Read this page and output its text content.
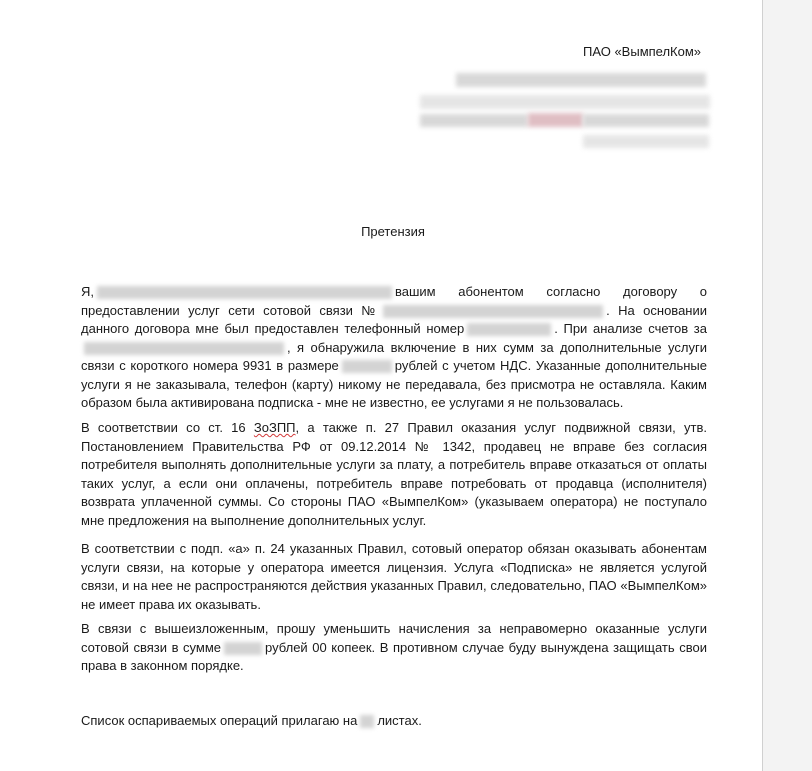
ПАО «ВымпелКом»
Претензия
Я,	вашим абонентом согласно договору о предоставлении услуг сети сотовой связи №	. На основании данного договора мне был предоставлен телефонный номер	. При анализе счетов за, я обнаружила включение в них сумм за дополнительные услуги связи с короткого номера 9931 в размере	рублей с учетом НДС. Указанные дополнительные услуги я не заказывала, телефон (карту) никому не передавала, без присмотра не оставляла. Каким образом была активирована подписка - мне не известно, ее услугами я не пользовалась.
В соответствии со ст. 16 ЗоЗПП, а также п. 27 Правил оказания услуг подвижной связи, утв. Постановлением Правительства РФ от 09.12.2014 № 1342, продавец не вправе без согласия потребителя выполнять дополнительные услуги за плату, а потребитель вправе отказаться от оплаты таких услуг, а если они оплачены, потребитель вправе потребовать от продавца (исполнителя) возврата уплаченной суммы. Со стороны ПАО «ВымпелКом» (указываем оператора) не поступало мне предложения на выполнение дополнительных услуг.
В соответствии с подп. «а» п. 24 указанных Правил, сотовый оператор обязан оказывать абонентам услуги связи, на которые у оператора имеется лицензия. Услуга «Подписка» не является услугой связи, и на нее не распространяются действия указанных Правил, следовательно, ПАО «ВымпелКом» не имеет права их оказывать.
В связи с вышеизложенным, прошу уменьшить начисления за неправомерно оказанные услуги сотовой связи в сумме	рублей 00 копеек. В противном случае буду вынуждена защищать свои права в законном порядке.
Список оспариваемых операций прилагаю на листах.
